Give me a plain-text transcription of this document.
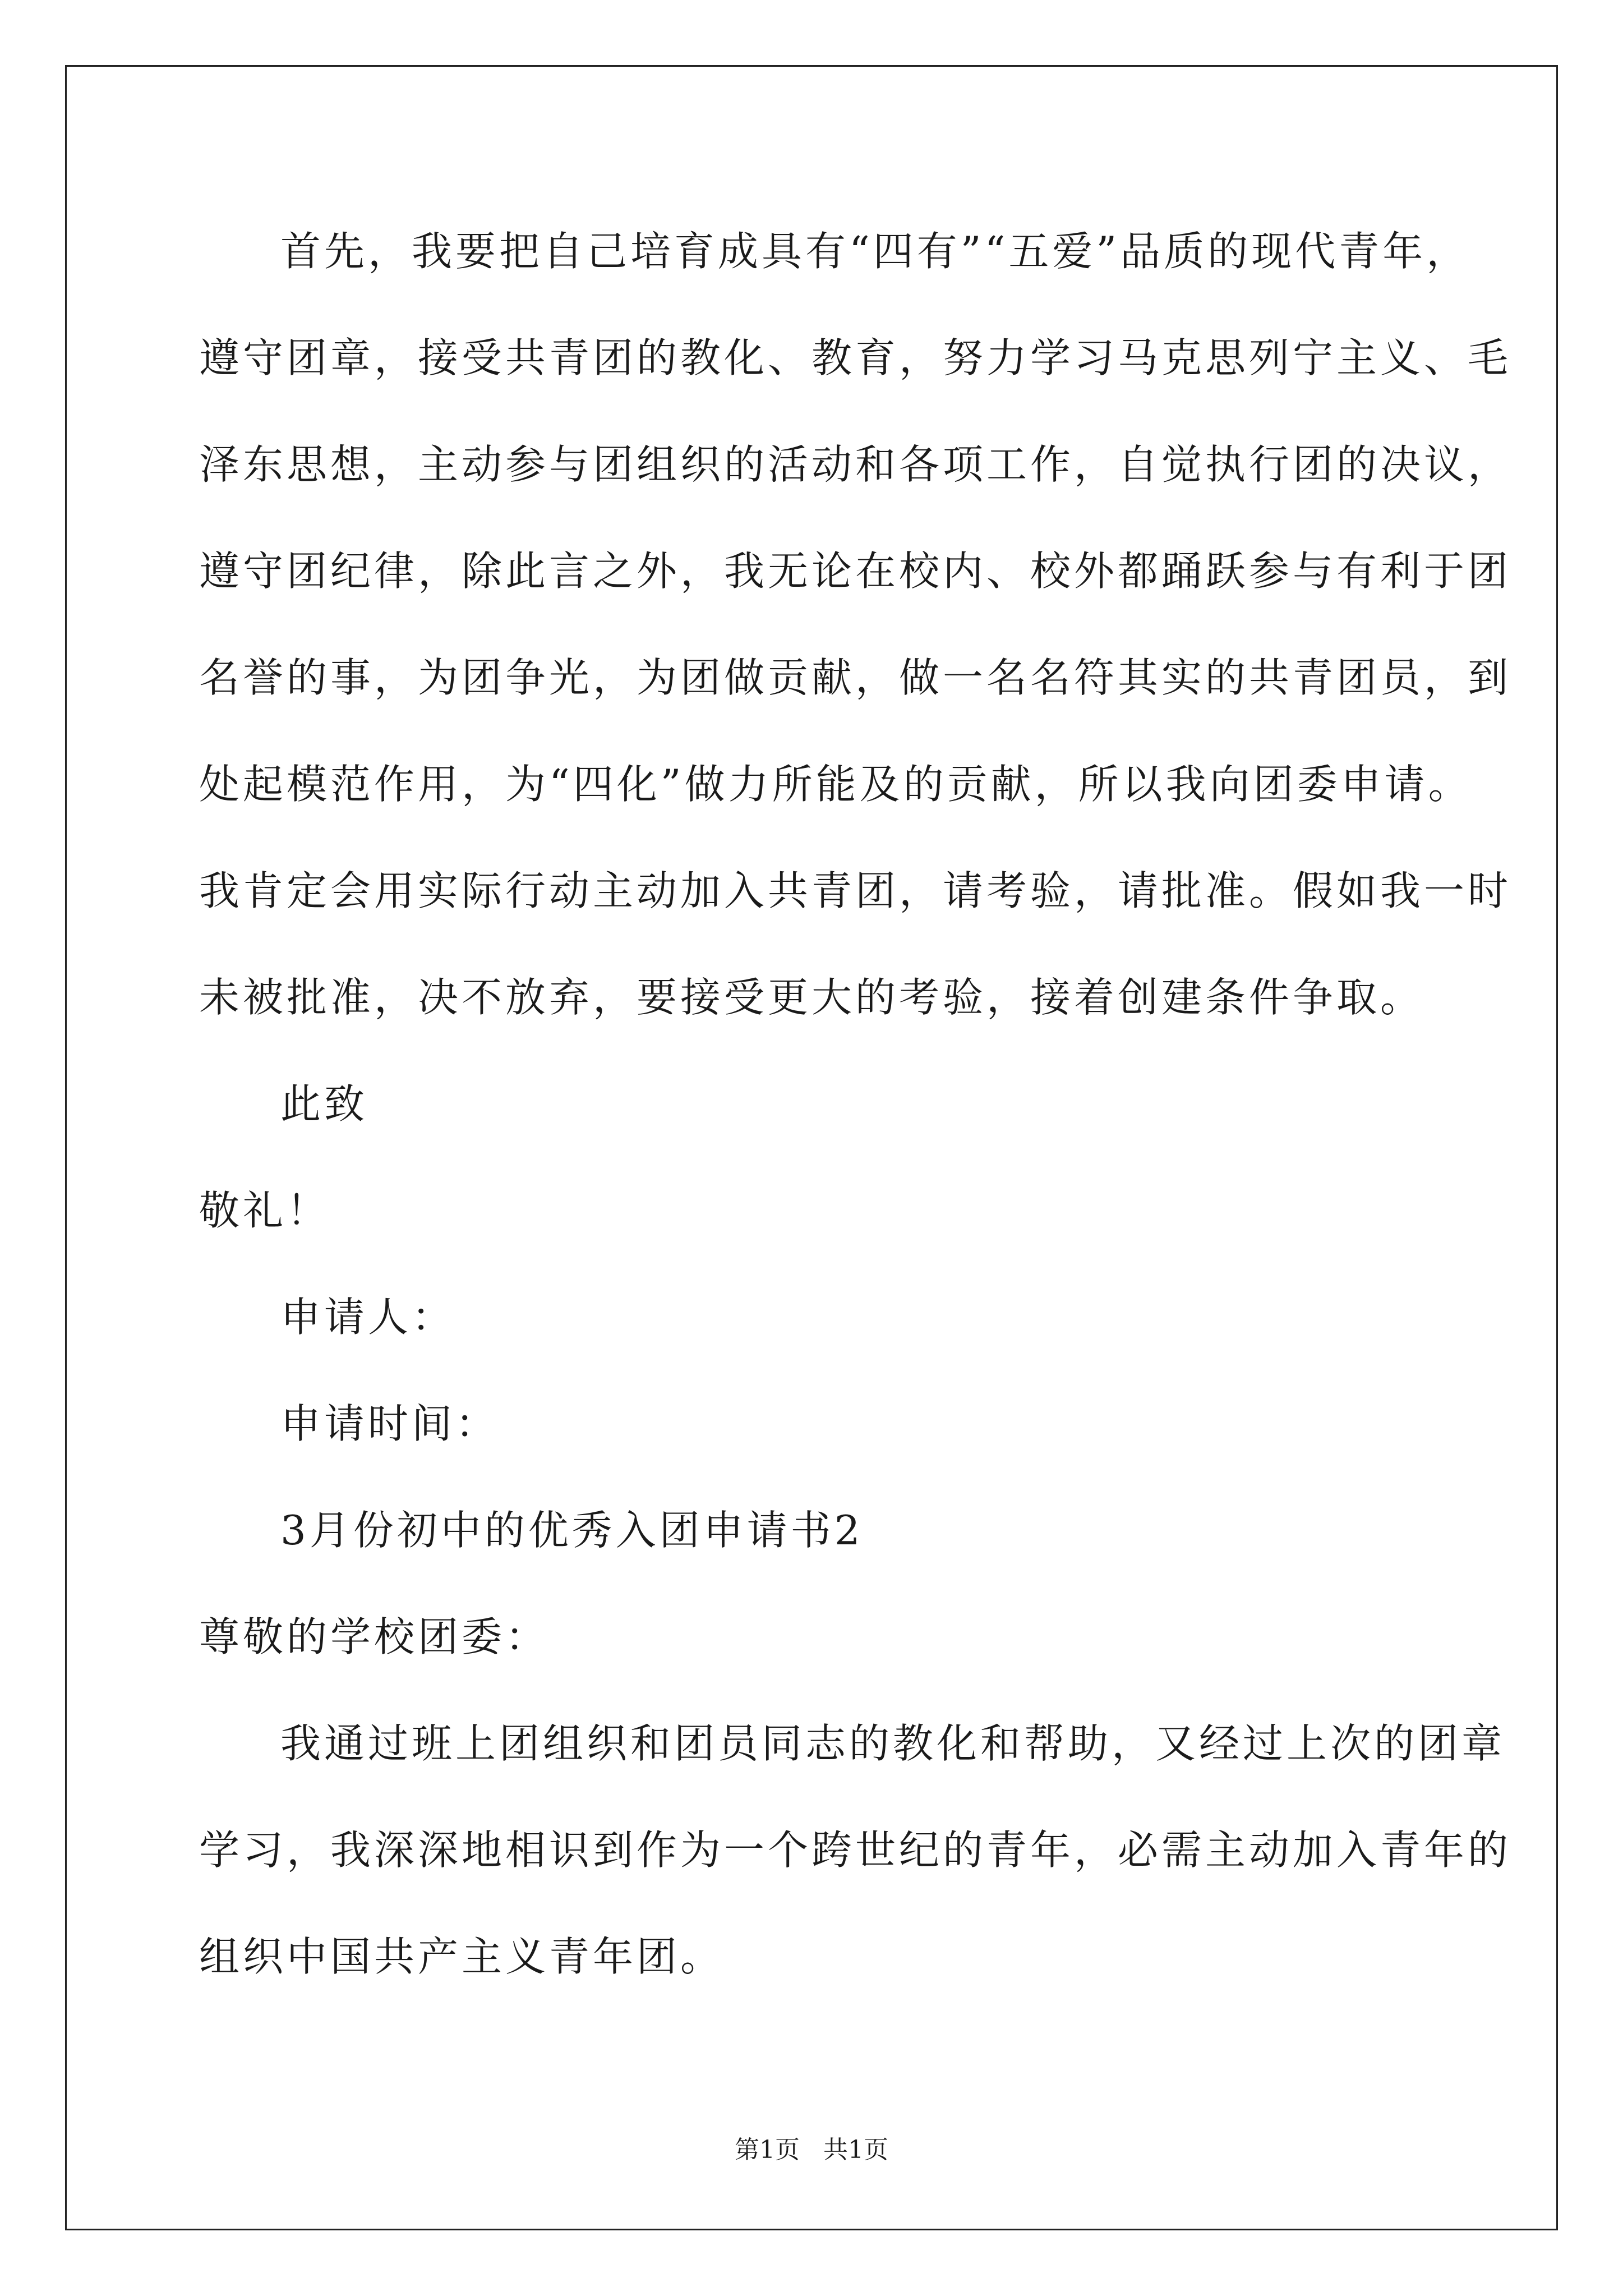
首先，我要把自己培育成具有“四有”“五爱”品质的现代青年，
遵守团章，接受共青团的教化、教育，努力学习马克思列宁主义、毛
泽东思想，主动参与团组织的活动和各项工作，自觉执行团的决议，
遵守团纪律，除此言之外，我无论在校内、校外都踊跃参与有利于团
名誉的事，为团争光，为团做贡献，做一名名符其实的共青团员，到
处起模范作用，为“四化”做力所能及的贡献，所以我向团委申请。
我肯定会用实际行动主动加入共青团，请考验，请批准。假如我一时
未被批准，决不放弃，要接受更大的考验，接着创建条件争取。
此致
敬礼！
申请人：
申请时间：
3月份初中的优秀入团申请书2
尊敬的学校团委：
我通过班上团组织和团员同志的教化和帮助，又经过上次的团章
学习，我深深地相识到作为一个跨世纪的青年，必需主动加入青年的
组织中国共产主义青年团。
第1页   共1页
